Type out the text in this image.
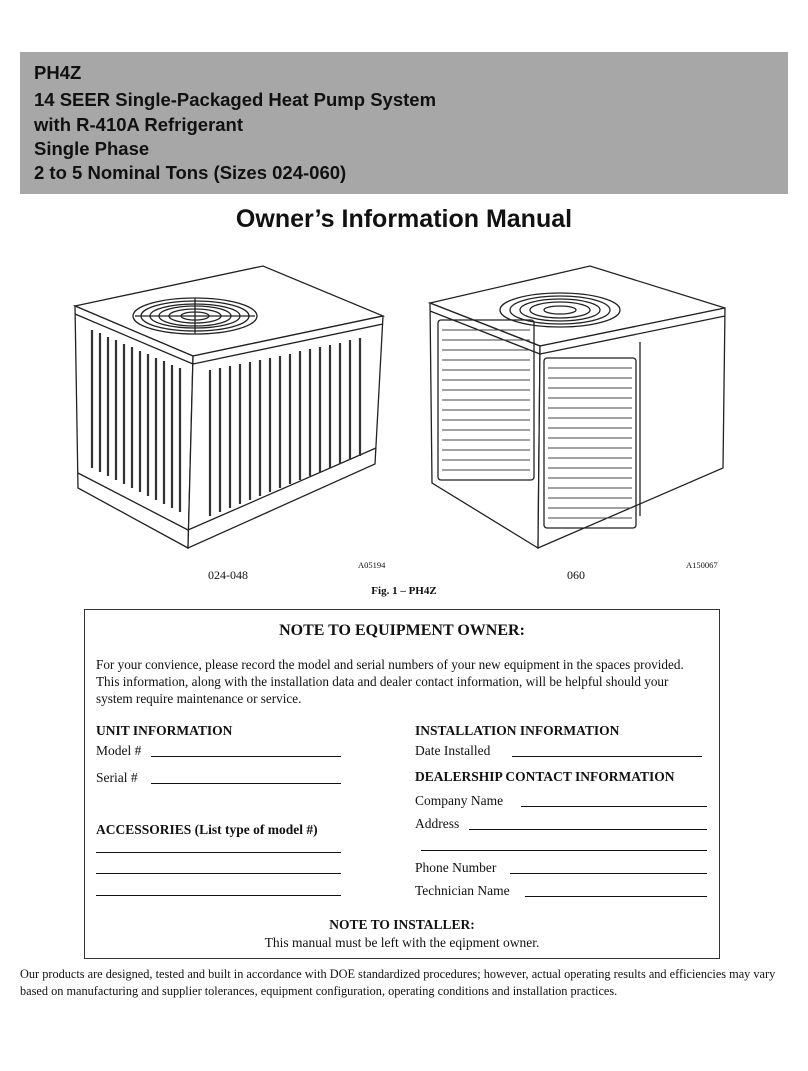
PH4Z
14 SEER Single-Packaged Heat Pump System
with R-410A Refrigerant
Single Phase
2 to 5 Nominal Tons (Sizes 024-060)
Owner’s Information Manual
A05194	A150067
024-048	060
Fig. 1 – PH4Z
NOTE TO EQUIPMENT OWNER:
For your convience, please record the model and serial numbers of your new equipment in the spaces provided. This information, along with the installation data and dealer contact information, will be helpful should your system require maintenance or service.
UNIT INFORMATION
Model #
Serial #
ACCESSORIES (List type of model #)
INSTALLATION INFORMATION
Date Installed
DEALERSHIP CONTACT INFORMATION
Company Name
Address
Phone Number
Technician Name
NOTE TO INSTALLER:
This manual must be left with the eqipment owner.
Our products are designed, tested and built in accordance with DOE standardized procedures; however, actual operating results and efficiencies may vary based on manufacturing and supplier tolerances, equipment configuration, operating conditions and installation practices.
